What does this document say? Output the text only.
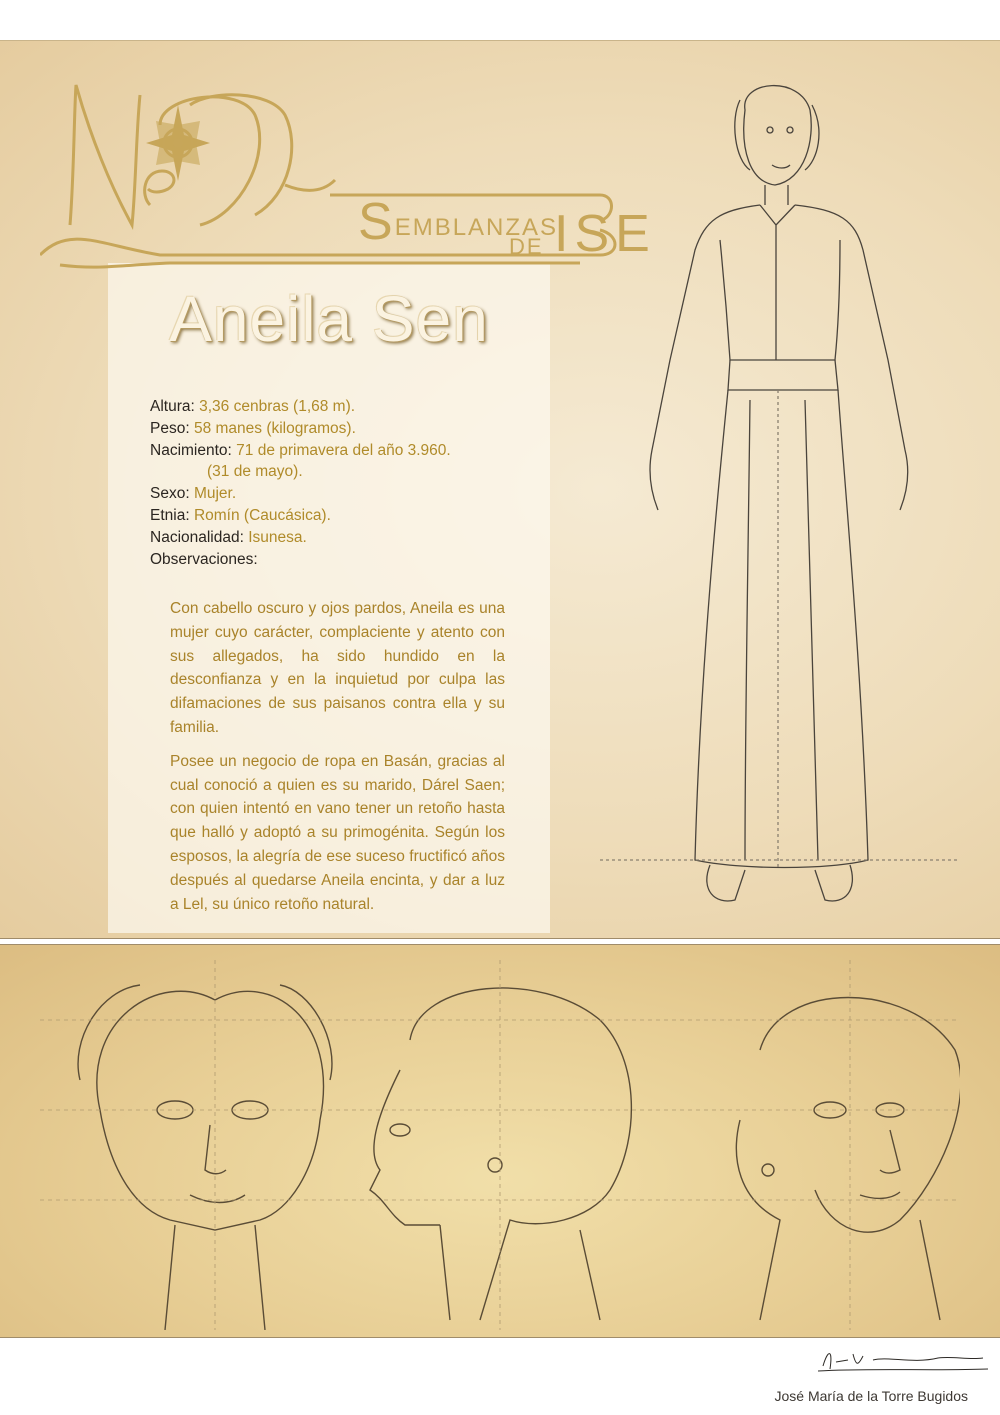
SEMBLANZAS
DE ISE
Aneila Sen
Altura: 3,36 cenbras (1,68 m).
Peso: 58 manes (kilogramos).
Nacimiento: 71 de primavera del año 3.960.
(31 de mayo).
Sexo: Mujer.
Etnia: Romín (Caucásica).
Nacionalidad: Isunesa.
Observaciones:

Con cabello oscuro y ojos pardos, Aneila es una mujer cuyo carácter, complaciente y atento con sus allegados, ha sido hundido en la desconfianza y en la inquietud por culpa las difamaciones de sus paisanos contra ella y su familia.

Posee un negocio de ropa en Basán, gracias al cual conoció a quien es su marido, Dárel Saen; con quien intentó en vano tener un retoño hasta que halló y adoptó a su primogénita. Según los esposos, la alegría de ese suceso fructificó años después al quedarse Aneila encinta, y dar a luz a Lel, su único retoño natural.

José María de la Torre Bugidos
